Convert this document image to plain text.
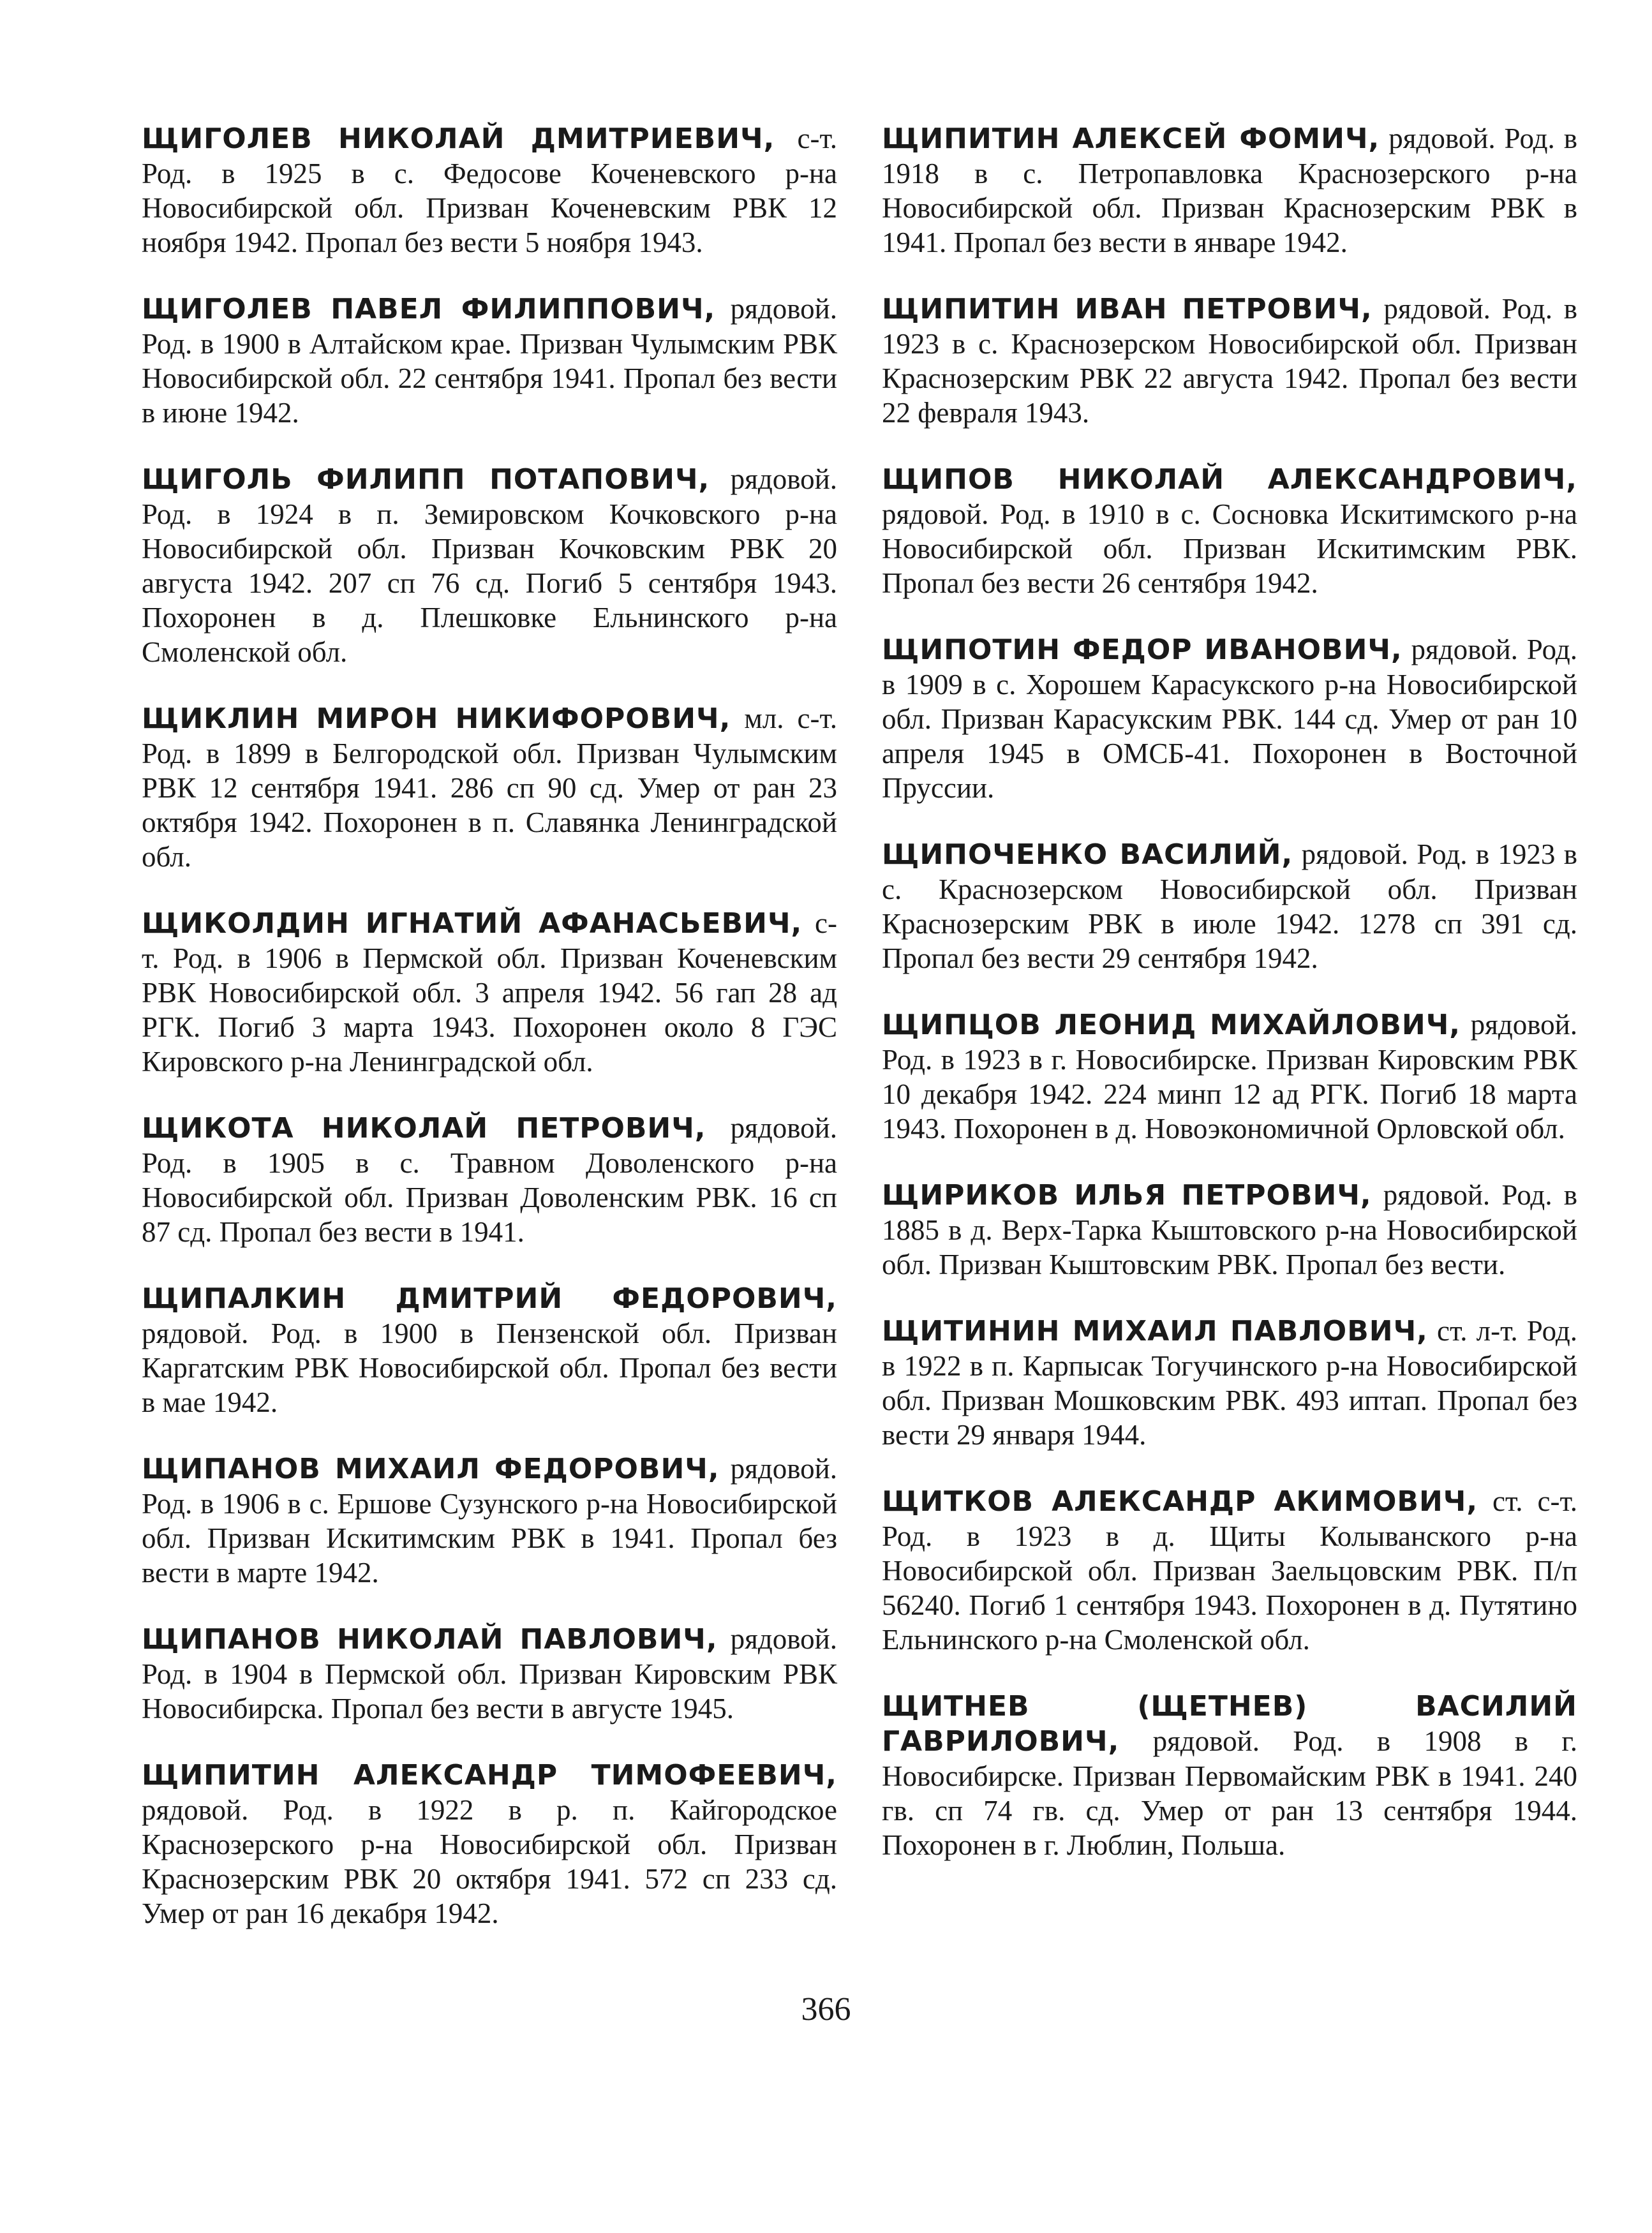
ЩИГОЛЕВ НИКОЛАЙ ДМИТРИЕВИЧ, с-т. Род. в 1925 в с. Федосове Коченевского р-на Новосибирской обл. Призван Коченевским РВК 12 ноября 1942. Пропал без вести 5 ноября 1943.

ЩИГОЛЕВ ПАВЕЛ ФИЛИППОВИЧ, рядовой. Род. в 1900 в Алтайском крае. Призван Чулымским РВК Новосибирской обл. 22 сентября 1941. Пропал без вести в июне 1942.

ЩИГОЛЬ ФИЛИПП ПОТАПОВИЧ, рядовой. Род. в 1924 в п. Земировском Кочковского р-на Новосибирской обл. Призван Кочковским РВК 20 августа 1942. 207 сп 76 сд. Погиб 5 сентября 1943. Похоронен в д. Плешковке Ельнинского р-на Смоленской обл.

ЩИКЛИН МИРОН НИКИФОРОВИЧ, мл. с-т. Род. в 1899 в Белгородской обл. Призван Чулымским РВК 12 сентября 1941. 286 сп 90 сд. Умер от ран 23 октября 1942. Похоронен в п. Славянка Ленинградской обл.

ЩИКОЛДИН ИГНАТИЙ АФАНАСЬЕВИЧ, с-т. Род. в 1906 в Пермской обл. Призван Коченевским РВК Новосибирской обл. 3 апреля 1942. 56 гап 28 ад РГК. Погиб 3 марта 1943. Похоронен около 8 ГЭС Кировского р-на Ленинградской обл.

ЩИКОТА НИКОЛАЙ ПЕТРОВИЧ, рядовой. Род. в 1905 в с. Травном Доволенского р-на Новосибирской обл. Призван Доволенским РВК. 16 сп 87 сд. Пропал без вести в 1941.

ЩИПАЛКИН ДМИТРИЙ ФЕДОРОВИЧ, рядовой. Род. в 1900 в Пензенской обл. Призван Каргатским РВК Новосибирской обл. Пропал без вести в мае 1942.

ЩИПАНОВ МИХАИЛ ФЕДОРОВИЧ, рядовой. Род. в 1906 в с. Ершове Сузунского р-на Новосибирской обл. Призван Искитимским РВК в 1941. Пропал без вести в марте 1942.

ЩИПАНОВ НИКОЛАЙ ПАВЛОВИЧ, рядовой. Род. в 1904 в Пермской обл. Призван Кировским РВК Новосибирска. Пропал без вести в августе 1945.

ЩИПИТИН АЛЕКСАНДР ТИМОФЕЕВИЧ, рядовой. Род. в 1922 в р. п. Кайгородское Краснозерского р-на Новосибирской обл. Призван Краснозерским РВК 20 октября 1941. 572 сп 233 сд. Умер от ран 16 декабря 1942.

ЩИПИТИН АЛЕКСЕЙ ФОМИЧ, рядовой. Род. в 1918 в с. Петропавловка Краснозерского р-на Новосибирской обл. Призван Краснозерским РВК в 1941. Пропал без вести в январе 1942.

ЩИПИТИН ИВАН ПЕТРОВИЧ, рядовой. Род. в 1923 в с. Краснозерском Новосибирской обл. Призван Краснозерским РВК 22 августа 1942. Пропал без вести 22 февраля 1943.

ЩИПОВ НИКОЛАЙ АЛЕКСАНДРОВИЧ, рядовой. Род. в 1910 в с. Сосновка Искитимского р-на Новосибирской обл. Призван Искитимским РВК. Пропал без вести 26 сентября 1942.

ЩИПОТИН ФЕДОР ИВАНОВИЧ, рядовой. Род. в 1909 в с. Хорошем Карасукского р-на Новосибирской обл. Призван Карасукским РВК. 144 сд. Умер от ран 10 апреля 1945 в ОМСБ-41. Похоронен в Восточной Пруссии.

ЩИПОЧЕНКО ВАСИЛИЙ, рядовой. Род. в 1923 в с. Краснозерском Новосибирской обл. Призван Краснозерским РВК в июле 1942. 1278 сп 391 сд. Пропал без вести 29 сентября 1942.

ЩИПЦОВ ЛЕОНИД МИХАЙЛОВИЧ, рядовой. Род. в 1923 в г. Новосибирске. Призван Кировским РВК 10 декабря 1942. 224 минп 12 ад РГК. Погиб 18 марта 1943. Похоронен в д. Новоэкономичной Орловской обл.

ЩИРИКОВ ИЛЬЯ ПЕТРОВИЧ, рядовой. Род. в 1885 в д. Верх-Тарка Кыштовского р-на Новосибирской обл. Призван Кыштовским РВК. Пропал без вести.

ЩИТИНИН МИХАИЛ ПАВЛОВИЧ, ст. л-т. Род. в 1922 в п. Карпысак Тогучинского р-на Новосибирской обл. Призван Мошковским РВК. 493 иптап. Пропал без вести 29 января 1944.

ЩИТКОВ АЛЕКСАНДР АКИМОВИЧ, ст. с-т. Род. в 1923 в д. Щиты Колыванского р-на Новосибирской обл. Призван Заельцовским РВК. П/п 56240. Погиб 1 сентября 1943. Похоронен в д. Путятино Ельнинского р-на Смоленской обл.

ЩИТНЕВ (ЩЕТНЕВ) ВАСИЛИЙ ГАВРИЛОВИЧ, рядовой. Род. в 1908 в г. Новосибирске. Призван Первомайским РВК в 1941. 240 гв. сп 74 гв. сд. Умер от ран 13 сентября 1944. Похоронен в г. Люблин, Польша.

366
